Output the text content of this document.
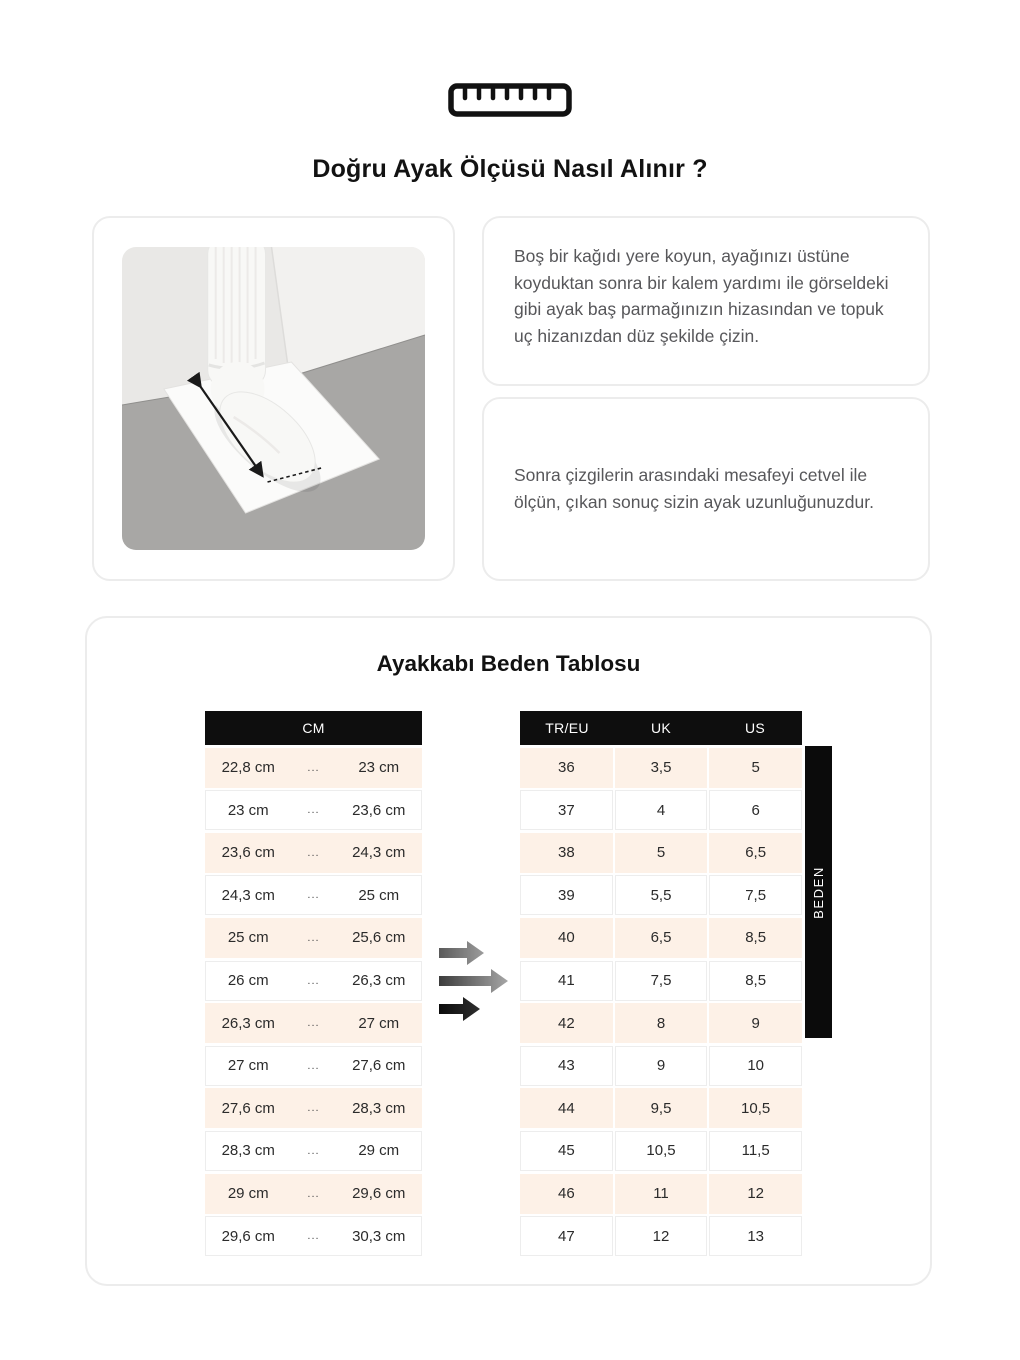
Doğru Ayak Ölçüsü Nasıl Alınır ?

Boş bir kağıdı yere koyun, ayağınızı üstüne koyduktan sonra bir kalem yardımı ile görseldeki gibi ayak baş parmağınızın hizasından ve topuk uç hizanızdan düz şekilde çizin.

Sonra çizgilerin arasındaki mesafeyi cetvel ile ölçün, çıkan sonuç sizin ayak uzunluğunuzdur.

Ayakkabı Beden Tablosu
CM
22,8 cm	...	23 cm
23 cm	...	23,6 cm
23,6 cm	...	24,3 cm
24,3 cm	...	25 cm
25 cm	...	25,6 cm
26 cm	...	26,3 cm
26,3 cm	...	27 cm
27 cm	...	27,6 cm
27,6 cm	...	28,3 cm
28,3 cm	...	29 cm
29 cm	...	29,6 cm
29,6 cm	...	30,3 cm
TR/EU	UK	US
36	3,5	5
37	4	6
38	5	6,5
39	5,5	7,5
40	6,5	8,5
41	7,5	8,5
42	8	9
43	9	10
44	9,5	10,5
45	10,5	11,5
46	11	12
47	12	13
BEDEN
